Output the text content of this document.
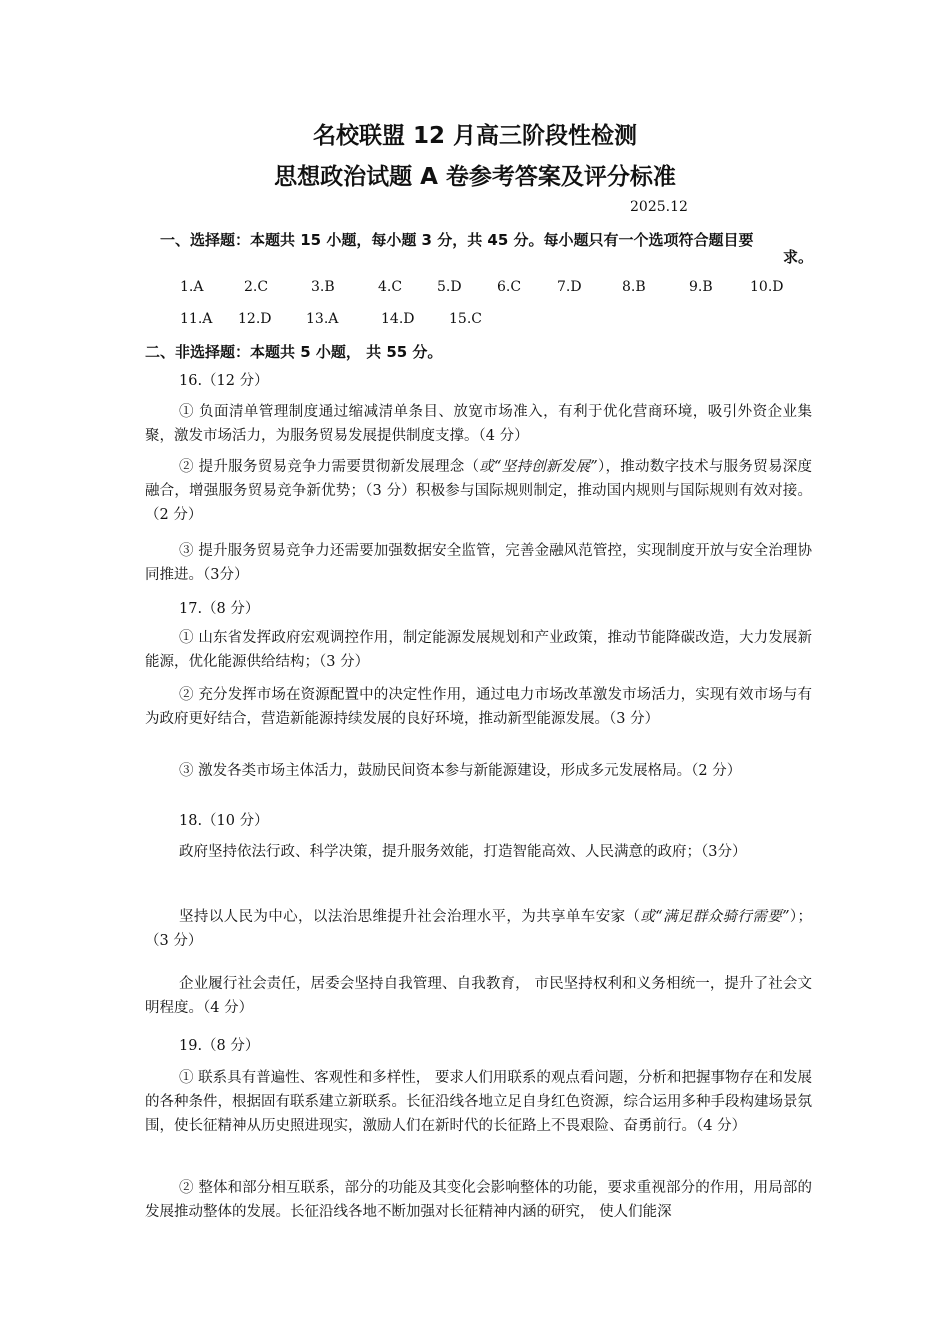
名校联盟 12 月高三阶段性检测
思想政治试题 A 卷参考答案及评分标准
2025.12
一、选择题：本题共 15 小题，每小题 3 分，共 45 分。每小题只有一个选项符合题目要
求。
1.A	2.C	3.B	4.C 5.D	6.C	7.D	8.B	9.B	10.D
11.A 12.D 13.A	14.D 15.C
二、非选择题：本题共 5 小题， 共 55 分。
16.（12 分）
① 负面清单管理制度通过缩减清单条目、放宽市场准入，有利于优化营商环境，吸引外资企业集聚，激发市场活力，为服务贸易发展提供制度支撑。（4 分）
② 提升服务贸易竞争力需要贯彻新发展理念（或“坚持创新发展”），推动数字技术与服务贸易深度融合，增强服务贸易竞争新优势；（3 分）积极参与国际规则制定，推动国内规则与国际规则有效对接。（2 分）
③ 提升服务贸易竞争力还需要加强数据安全监管，完善金融风范管控，实现制度开放与安全治理协同推进。（3分）
17.（8 分）
① 山东省发挥政府宏观调控作用，制定能源发展规划和产业政策，推动节能降碳改造，大力发展新能源，优化能源供给结构；（3 分）
② 充分发挥市场在资源配置中的决定性作用，通过电力市场改革激发市场活力，实现有效市场与有为政府更好结合，营造新能源持续发展的良好环境，推动新型能源发展。（3 分）
③ 激发各类市场主体活力，鼓励民间资本参与新能源建设，形成多元发展格局。（2 分）
18.（10 分）
政府坚持依法行政、科学决策，提升服务效能，打造智能高效、人民满意的政府；（3分）
坚持以人民为中心，以法治思维提升社会治理水平，为共享单车安家（或“满足群众骑行需要”）；（3 分）
企业履行社会责任，居委会坚持自我管理、自我教育， 市民坚持权利和义务相统一，提升了社会文明程度。（4 分）
19.（8 分）
① 联系具有普遍性、客观性和多样性， 要求人们用联系的观点看问题，分析和把握事物存在和发展的各种条件，根据固有联系建立新联系。长征沿线各地立足自身红色资源，综合运用多种手段构建场景氛围，使长征精神从历史照进现实，激励人们在新时代的长征路上不畏艰险、奋勇前行。（4 分）
② 整体和部分相互联系，部分的功能及其变化会影响整体的功能，要求重视部分的作用，用局部的发展推动整体的发展。长征沿线各地不断加强对长征精神内涵的研究， 使人们能深
